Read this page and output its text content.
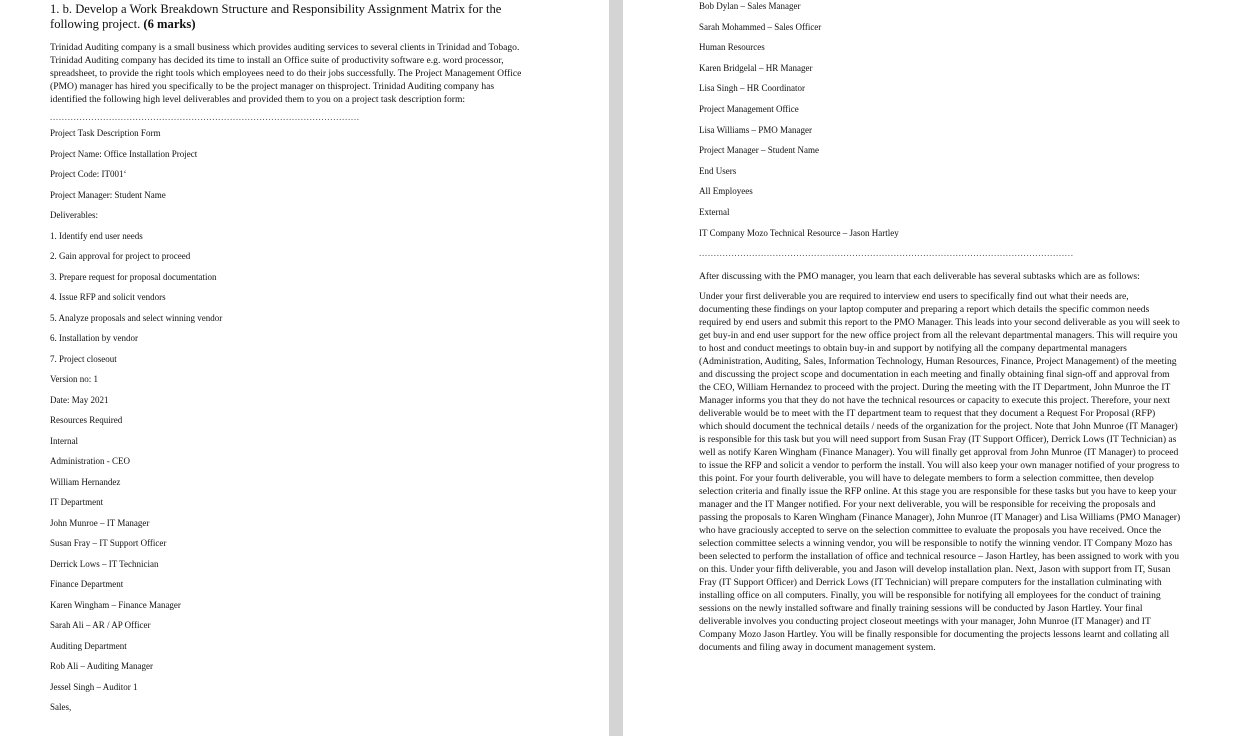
1. b. Develop a Work Breakdown Structure and Responsibility Assignment Matrix for the following project. (6 marks)

Trinidad Auditing company is a small business which provides auditing services to several clients in Trinidad and Tobago. Trinidad Auditing company has decided its time to install an Office suite of productivity software e.g. word processor, spreadsheet, to provide the right tools which employees need to do their jobs successfully. The Project Management Office (PMO) manager has hired you specifically to be the project manager on thisproject. Trinidad Auditing company has identified the following high level deliverables and provided them to you on a project task description form:

.........................................................................................................
Project Task Description Form
Project Name: Office Installation Project
Project Code: IT001‘
Project Manager: Student Name
Deliverables:
1. Identify end user needs
2. Gain approval for project to proceed
3. Prepare request for proposal documentation
4. Issue RFP and solicit vendors
5. Analyze proposals and select winning vendor
6. Installation by vendor
7. Project closeout
Version no: 1
Date: May 2021
Resources Required
Internal
Administration - CEO
William Hernandez
IT Department
John Munroe – IT Manager
Susan Fray – IT Support Officer
Derrick Lows – IT Technician
Finance Department
Karen Wingham – Finance Manager
Sarah Ali – AR / AP Officer
Auditing Department
Rob Ali – Auditing Manager
Jessel Singh – Auditor 1
Sales,
Bob Dylan – Sales Manager
Sarah Mohammed – Sales Officer
Human Resources
Karen Bridgelal – HR Manager
Lisa Singh – HR Coordinator
Project Management Office
Lisa Williams – PMO Manager
Project Manager – Student Name
End Users
All Employees
External
IT Company Mozo Technical Resource – Jason Hartley
...............................................................................................................................

After discussing with the PMO manager, you learn that each deliverable has several subtasks which are as follows:

Under your first deliverable you are required to interview end users to specifically find out what their needs are, documenting these findings on your laptop computer and preparing a report which details the specific common needs required by end users and submit this report to the PMO Manager. This leads into your second deliverable as you will seek to get buy-in and end user support for the new office project from all the relevant departmental managers. This will require you to host and conduct meetings to obtain buy-in and support by notifying all the company departmental managers (Administration, Auditing, Sales, Information Technology, Human Resources, Finance, Project Management) of the meeting and discussing the project scope and documentation in each meeting and finally obtaining final sign-off and approval from the CEO, William Hernandez to proceed with the project. During the meeting with the IT Department, John Munroe the IT Manager informs you that they do not have the technical resources or capacity to execute this project. Therefore, your next deliverable would be to meet with the IT department team to request that they document a Request For Proposal (RFP) which should document the technical details / needs of the organization for the project. Note that John Munroe (IT Manager) is responsible for this task but you will need support from Susan Fray (IT Support Officer), Derrick Lows (IT Technician) as well as notify Karen Wingham (Finance Manager). You will finally get approval from John Munroe (IT Manager) to proceed to issue the RFP and solicit a vendor to perform the install. You will also keep your own manager notified of your progress to this point. For your fourth deliverable, you will have to delegate members to form a selection committee, then develop selection criteria and finally issue the RFP online. At this stage you are responsible for these tasks but you have to keep your manager and the IT Manger notified. For your next deliverable, you will be responsible for receiving the proposals and passing the proposals to Karen Wingham (Finance Manager), John Munroe (IT Manager) and Lisa Williams (PMO Manager) who have graciously accepted to serve on the selection committee to evaluate the proposals you have received. Once the selection committee selects a winning vendor, you will be responsible to notify the winning vendor. IT Company Mozo has been selected to perform the installation of office and technical resource – Jason Hartley, has been assigned to work with you on this. Under your fifth deliverable, you and Jason will develop installation plan. Next, Jason with support from IT, Susan Fray (IT Support Officer) and Derrick Lows (IT Technician) will prepare computers for the installation culminating with installing office on all computers. Finally, you will be responsible for notifying all employees for the conduct of training sessions on the newly installed software and finally training sessions will be conducted by Jason Hartley. Your final deliverable involves you conducting project closeout meetings with your manager, John Munroe (IT Manager) and IT Company Mozo Jason Hartley. You will be finally responsible for documenting the projects lessons learnt and collating all documents and filing away in document management system.
